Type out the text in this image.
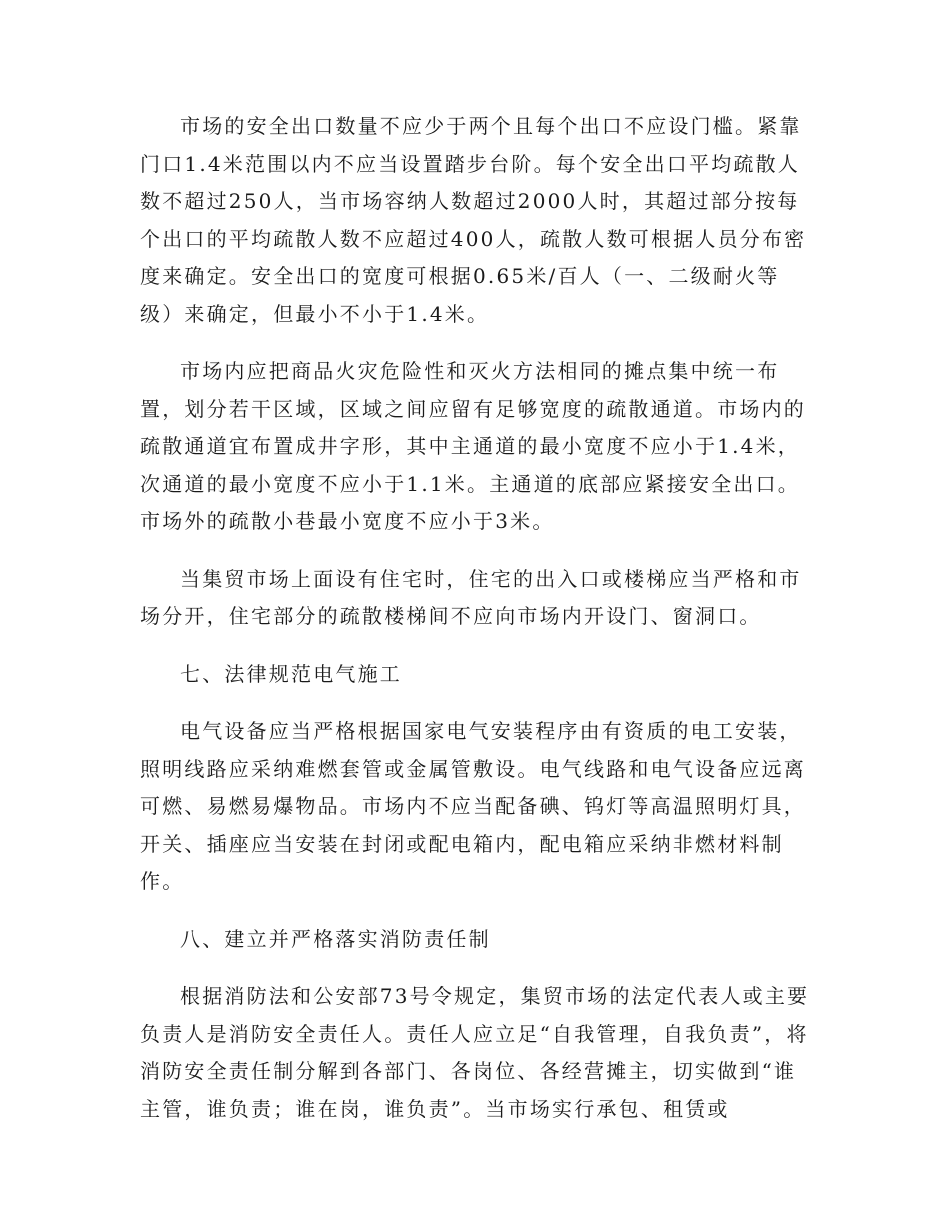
市场的安全出口数量不应少于两个且每个出口不应设门槛。紧靠门口1.4米范围以内不应当设置踏步台阶。每个安全出口平均疏散人数不超过250人，当市场容纳人数超过2000人时，其超过部分按每个出口的平均疏散人数不应超过400人，疏散人数可根据人员分布密度来确定。安全出口的宽度可根据0.65米/百人（一、二级耐火等级）来确定，但最小不小于1.4米。

市场内应把商品火灾危险性和灭火方法相同的摊点集中统一布置，划分若干区域，区域之间应留有足够宽度的疏散通道。市场内的疏散通道宜布置成井字形，其中主通道的最小宽度不应小于1.4米，次通道的最小宽度不应小于1.1米。主通道的底部应紧接安全出口。市场外的疏散小巷最小宽度不应小于3米。

当集贸市场上面设有住宅时，住宅的出入口或楼梯应当严格和市场分开，住宅部分的疏散楼梯间不应向市场内开设门、窗洞口。

七、法律规范电气施工

电气设备应当严格根据国家电气安装程序由有资质的电工安装，照明线路应采纳难燃套管或金属管敷设。电气线路和电气设备应远离可燃、易燃易爆物品。市场内不应当配备碘、钨灯等高温照明灯具，开关、插座应当安装在封闭或配电箱内，配电箱应采纳非燃材料制作。

八、建立并严格落实消防责任制

根据消防法和公安部73号令规定，集贸市场的法定代表人或主要负责人是消防安全责任人。责任人应立足“自我管理，自我负责”，将消防安全责任制分解到各部门、各岗位、各经营摊主，切实做到“谁主管，谁负责；谁在岗，谁负责”。当市场实行承包、租赁或
